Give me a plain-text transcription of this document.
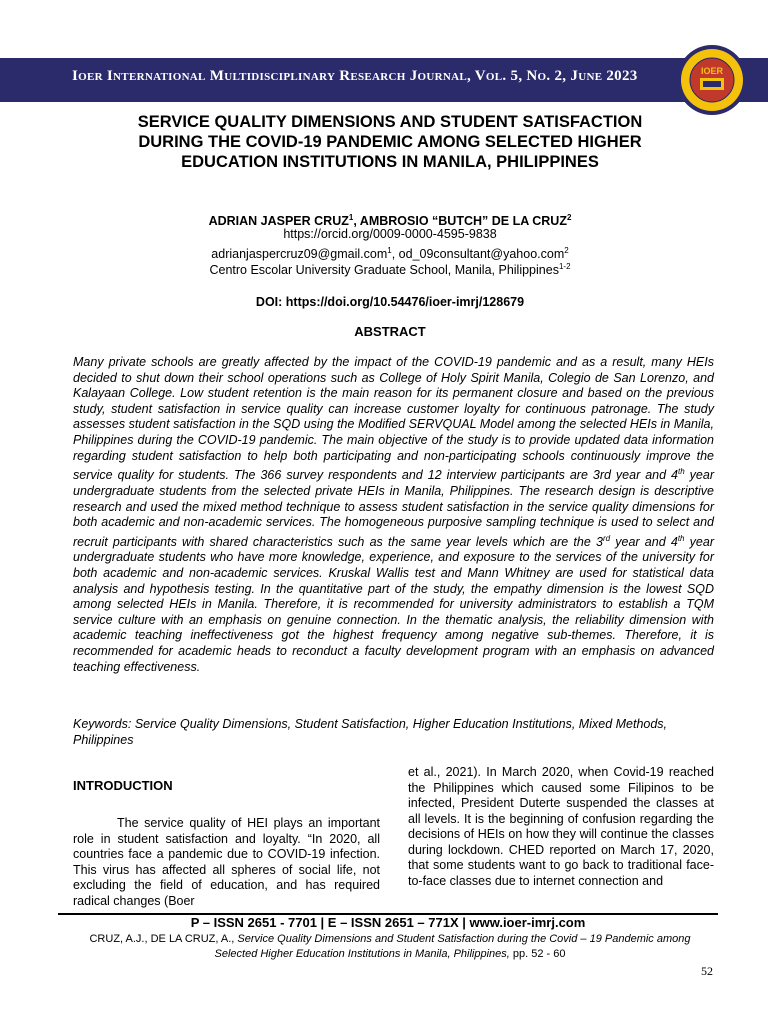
Ioer International Multidisciplinary Research Journal, Vol. 5, No. 2, June 2023	IOER
SERVICE QUALITY DIMENSIONS AND STUDENT SATISFACTION
DURING THE COVID-19 PANDEMIC AMONG SELECTED HIGHER
EDUCATION INSTITUTIONS IN MANILA, PHILIPPINES
ADRIAN JASPER CRUZ$^1$, AMBROSIO “BUTCH” DE LA CRUZ$^2$
https://orcid.org/0009-0000-4595-9838
adrianjaspercruz09@gmail.com$^1$, od_09consultant@yahoo.com$^2$
Centro Escolar University Graduate School, Manila, Philippines$^{1-2}$
DOI: https://doi.org/10.54476/ioer-imrj/128679
ABSTRACT
Many private schools are greatly affected by the impact of the COVID-19 pandemic and as a result, many HEIs decided to shut down their school operations such as College of Holy Spirit Manila, Colegio de San Lorenzo, and Kalayaan College. Low student retention is the main reason for its permanent closure and based on the previous study, student satisfaction in service quality can increase customer loyalty for continuous patronage. The study assesses student satisfaction in the SQD using the Modified SERVQUAL Model among the selected HEIs in Manila, Philippines during the COVID-19 pandemic. The main objective of the study is to provide updated data information regarding student satisfaction to help both participating and non-participating schools continuously improve the service quality for students. The 366 survey respondents and 12 interview participants are 3rd year and 4th year undergraduate students from the selected private HEIs in Manila, Philippines. The research design is descriptive research and used the mixed method technique to assess student satisfaction in the service quality dimensions for both academic and non-academic services. The homogeneous purposive sampling technique is used to select and recruit participants with shared characteristics such as the same year levels which are the 3rd year and 4th year undergraduate students who have more knowledge, experience, and exposure to the services of the university for both academic and non-academic services. Kruskal Wallis test and Mann Whitney are used for statistical data analysis and hypothesis testing. In the quantitative part of the study, the empathy dimension is the lowest SQD among selected HEIs in Manila. Therefore, it is recommended for university administrators to establish a TQM service culture with an emphasis on genuine connection. In the thematic analysis, the reliability dimension with academic teaching ineffectiveness got the highest frequency among negative sub-themes. Therefore, it is recommended for academic heads to reconduct a faculty development program with an emphasis on advanced teaching effectiveness.
Keywords: Service Quality Dimensions, Student Satisfaction, Higher Education Institutions, Mixed Methods, Philippines
INTRODUCTION

The service quality of HEI plays an important role in student satisfaction and loyalty. “In 2020, all countries face a pandemic due to COVID-19 infection. This virus has affected all spheres of social life, not excluding the field of education, and has required radical changes (Boer

et al., 2021). In March 2020, when Covid-19 reached the Philippines which caused some Filipinos to be infected, President Duterte suspended the classes at all levels. It is the beginning of confusion regarding the decisions of HEIs on how they will continue the classes during lockdown. CHED reported on March 17, 2020, that some students want to go back to traditional face-to-face classes due to internet connection and
P – ISSN 2651 - 7701 | E – ISSN 2651 – 771X | www.ioer-imrj.com
CRUZ, A.J., DE LA CRUZ, A., Service Quality Dimensions and Student Satisfaction during the Covid – 19 Pandemic among Selected Higher Education Institutions in Manila, Philippines, pp. 52 - 60
52
